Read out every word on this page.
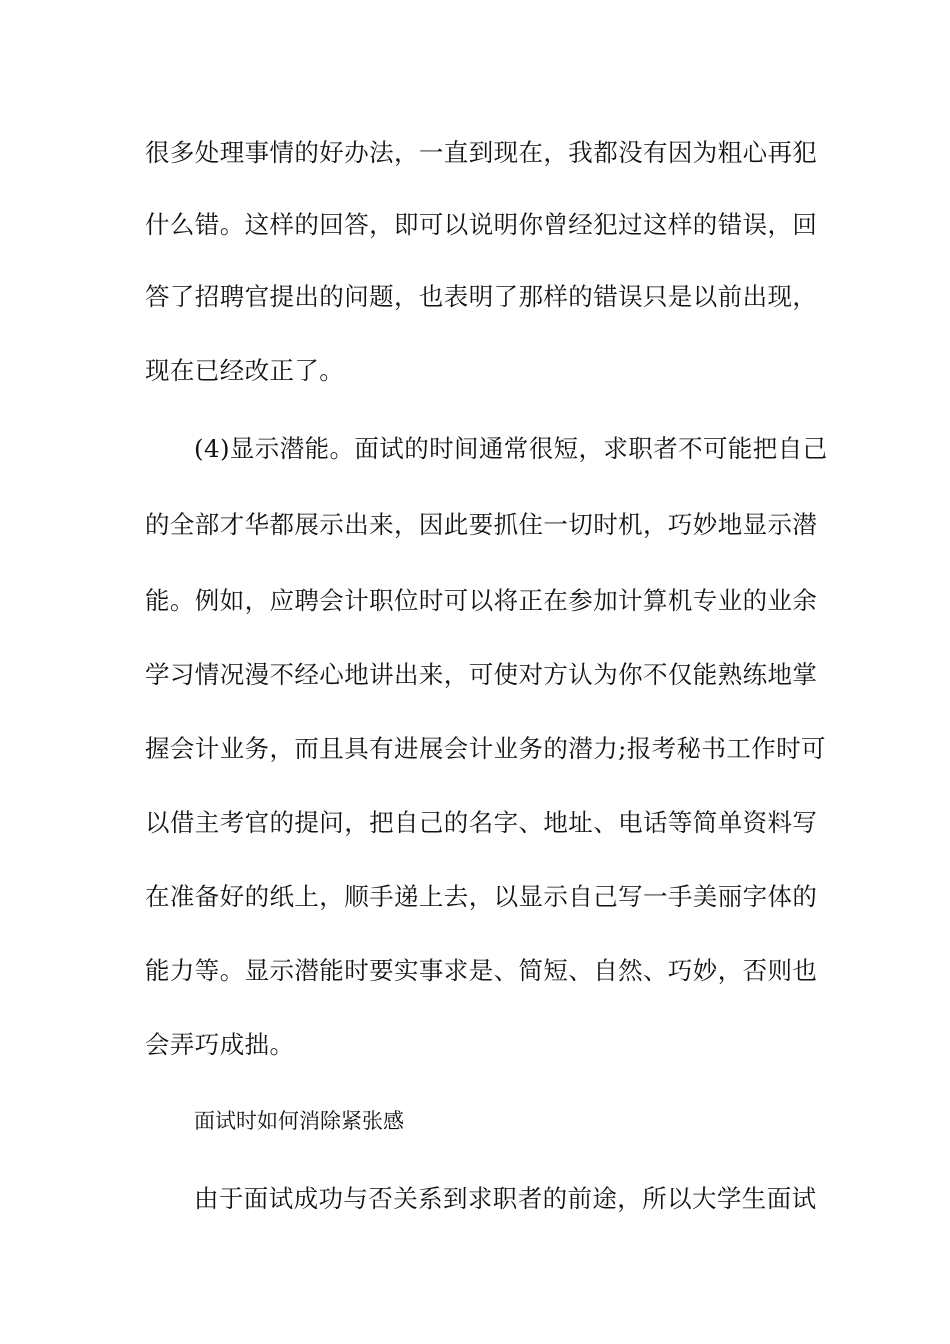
很多处理事情的好办法，一直到现在，我都没有因为粗心再犯
什么错。这样的回答，即可以说明你曾经犯过这样的错误，回
答了招聘官提出的问题，也表明了那样的错误只是以前出现，
现在已经改正了。
(4)显示潜能。面试的时间通常很短，求职者不可能把自己
的全部才华都展示出来，因此要抓住一切时机，巧妙地显示潜
能。例如，应聘会计职位时可以将正在参加计算机专业的业余
学习情况漫不经心地讲出来，可使对方认为你不仅能熟练地掌
握会计业务，而且具有进展会计业务的潜力;报考秘书工作时可
以借主考官的提问，把自己的名字、地址、电话等简单资料写
在准备好的纸上，顺手递上去，以显示自己写一手美丽字体的
能力等。显示潜能时要实事求是、简短、自然、巧妙，否则也
会弄巧成拙。
面试时如何消除紧张感
由于面试成功与否关系到求职者的前途，所以大学生面试
